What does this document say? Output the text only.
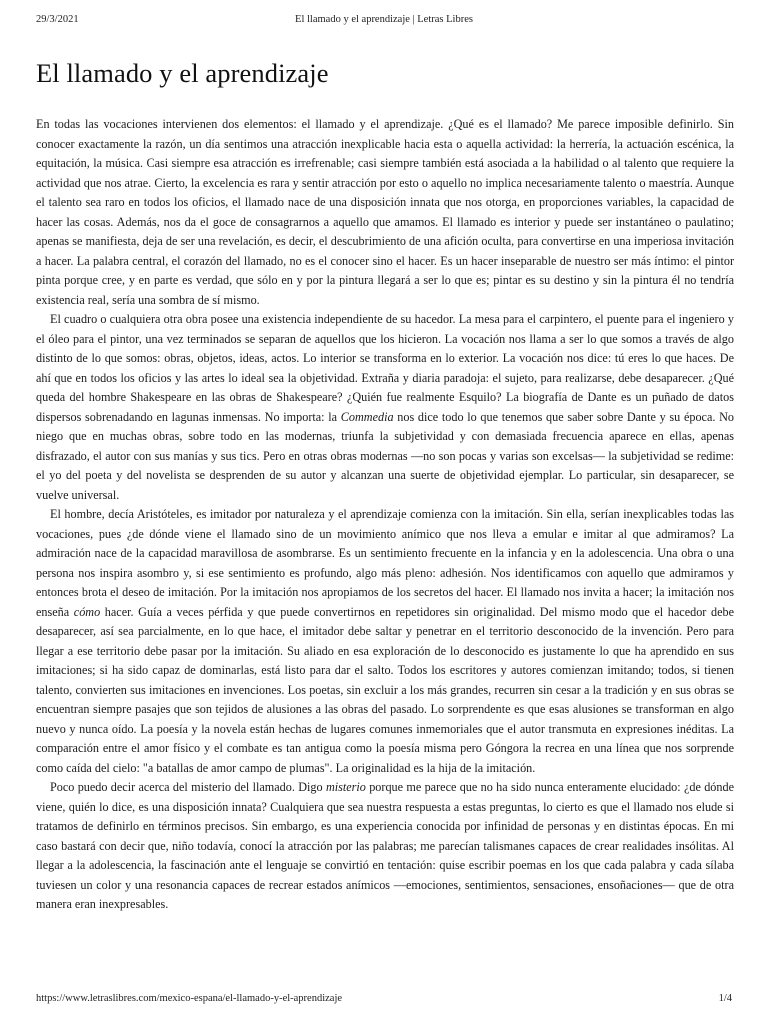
29/3/2021	El llamado y el aprendizaje | Letras Libres
El llamado y el aprendizaje

En todas las vocaciones intervienen dos elementos: el llamado y el aprendizaje. ¿Qué es el llamado? Me parece imposible definirlo. Sin conocer exactamente la razón, un día sentimos una atracción inexplicable hacia esta o aquella actividad: la herrería, la actuación escénica, la equitación, la música. Casi siempre esa atracción es irrefrenable; casi siempre también está asociada a la habilidad o al talento que requiere la actividad que nos atrae. Cierto, la excelencia es rara y sentir atracción por esto o aquello no implica necesariamente talento o maestría. Aunque el talento sea raro en todos los oficios, el llamado nace de una disposición innata que nos otorga, en proporciones variables, la capacidad de hacer las cosas. Además, nos da el goce de consagrarnos a aquello que amamos. El llamado es interior y puede ser instantáneo o paulatino; apenas se manifiesta, deja de ser una revelación, es decir, el descubrimiento de una afición oculta, para convertirse en una imperiosa invitación a hacer. La palabra central, el corazón del llamado, no es el conocer sino el hacer. Es un hacer inseparable de nuestro ser más íntimo: el pintor pinta porque cree, y en parte es verdad, que sólo en y por la pintura llegará a ser lo que es; pintar es su destino y sin la pintura él no tendría existencia real, sería una sombra de sí mismo.

El cuadro o cualquiera otra obra posee una existencia independiente de su hacedor. La mesa para el carpintero, el puente para el ingeniero y el óleo para el pintor, una vez terminados se separan de aquellos que los hicieron. La vocación nos llama a ser lo que somos a través de algo distinto de lo que somos: obras, objetos, ideas, actos. Lo interior se transforma en lo exterior. La vocación nos dice: tú eres lo que haces. De ahí que en todos los oficios y las artes lo ideal sea la objetividad. Extraña y diaria paradoja: el sujeto, para realizarse, debe desaparecer. ¿Qué queda del hombre Shakespeare en las obras de Shakespeare? ¿Quién fue realmente Esquilo? La biografía de Dante es un puñado de datos dispersos sobrenadando en lagunas inmensas. No importa: la Commedia nos dice todo lo que tenemos que saber sobre Dante y su época. No niego que en muchas obras, sobre todo en las modernas, triunfa la subjetividad y con demasiada frecuencia aparece en ellas, apenas disfrazado, el autor con sus manías y sus tics. Pero en otras obras modernas —no son pocas y varias son excelsas— la subjetividad se redime: el yo del poeta y del novelista se desprenden de su autor y alcanzan una suerte de objetividad ejemplar. Lo particular, sin desaparecer, se vuelve universal.

El hombre, decía Aristóteles, es imitador por naturaleza y el aprendizaje comienza con la imitación. Sin ella, serían inexplicables todas las vocaciones, pues ¿de dónde viene el llamado sino de un movimiento anímico que nos lleva a emular e imitar al que admiramos? La admiración nace de la capacidad maravillosa de asombrarse. Es un sentimiento frecuente en la infancia y en la adolescencia. Una obra o una persona nos inspira asombro y, si ese sentimiento es profundo, algo más pleno: adhesión. Nos identificamos con aquello que admiramos y entonces brota el deseo de imitación. Por la imitación nos apropiamos de los secretos del hacer. El llamado nos invita a hacer; la imitación nos enseña cómo hacer. Guía a veces pérfida y que puede convertirnos en repetidores sin originalidad. Del mismo modo que el hacedor debe desaparecer, así sea parcialmente, en lo que hace, el imitador debe saltar y penetrar en el territorio desconocido de la invención. Pero para llegar a ese territorio debe pasar por la imitación. Su aliado en esa exploración de lo desconocido es justamente lo que ha aprendido en sus imitaciones; si ha sido capaz de dominarlas, está listo para dar el salto. Todos los escritores y autores comienzan imitando; todos, si tienen talento, convierten sus imitaciones en invenciones. Los poetas, sin excluir a los más grandes, recurren sin cesar a la tradición y en sus obras se encuentran siempre pasajes que son tejidos de alusiones a las obras del pasado. Lo sorprendente es que esas alusiones se transforman en algo nuevo y nunca oído. La poesía y la novela están hechas de lugares comunes inmemoriales que el autor transmuta en expresiones inéditas. La comparación entre el amor físico y el combate es tan antigua como la poesía misma pero Góngora la recrea en una línea que nos sorprende como caída del cielo: "a batallas de amor campo de plumas". La originalidad es la hija de la imitación.

Poco puedo decir acerca del misterio del llamado. Digo misterio porque me parece que no ha sido nunca enteramente elucidado: ¿de dónde viene, quién lo dice, es una disposición innata? Cualquiera que sea nuestra respuesta a estas preguntas, lo cierto es que el llamado nos elude si tratamos de definirlo en términos precisos. Sin embargo, es una experiencia conocida por infinidad de personas y en distintas épocas. En mi caso bastará con decir que, niño todavía, conocí la atracción por las palabras; me parecían talismanes capaces de crear realidades insólitas. Al llegar a la adolescencia, la fascinación ante el lenguaje se convirtió en tentación: quise escribir poemas en los que cada palabra y cada sílaba tuviesen un color y una resonancia capaces de recrear estados anímicos —emociones, sentimientos, sensaciones, ensoñaciones— que de otra manera eran inexpresables.

https://www.letraslibres.com/mexico-espana/el-llamado-y-el-aprendizaje	1/4
